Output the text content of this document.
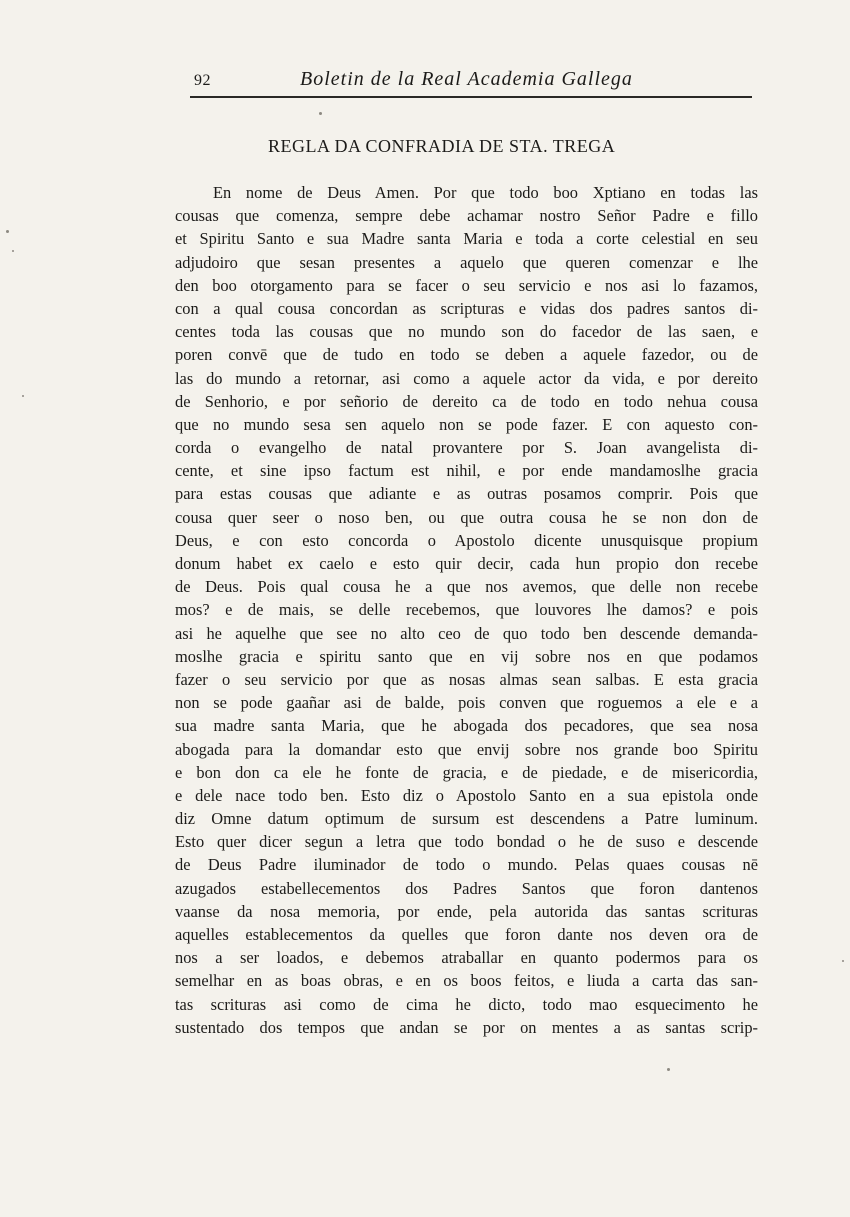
92	Boletin de la Real Academia Gallega
REGLA DA CONFRADIA DE STA. TREGA
En nome de Deus Amen. Por que todo boo Xptiano en todas las
cousas que comenza, sempre debe achamar nostro Señor Padre e fillo
et Spiritu Santo e sua Madre santa Maria e toda a corte celestial en seu
adjudoiro que sesan presentes a aquelo que queren comenzar e lhe
den boo otorgamento para se facer o seu servicio e nos asi lo fazamos,
con a qual cousa concordan as scripturas e vidas dos padres santos di-
centes toda las cousas que no mundo son do facedor de las saen, e
poren convē que de tudo en todo se deben a aquele fazedor, ou de
las do mundo a retornar, asi como a aquele actor da vida, e por dereito
de Senhorio, e por señorio de dereito ca de todo en todo nehua cousa
que no mundo sesa sen aquelo non se pode fazer. E con aquesto con-
corda o evangelho de natal provantere por S. Joan avangelista di-
cente, et sine ipso factum est nihil, e por ende mandamoslhe gracia
para estas cousas que adiante e as outras posamos comprir. Pois que
cousa quer seer o noso ben, ou que outra cousa he se non don de
Deus, e con esto concorda o Apostolo dicente unusquisque propium
donum habet ex caelo e esto quir decir, cada hun propio don recebe
de Deus. Pois qual cousa he a que nos avemos, que delle non recebe
mos? e de mais, se delle recebemos, que louvores lhe damos? e pois
asi he aquelhe que see no alto ceo de quo todo ben descende demanda-
moslhe gracia e spiritu santo que en vij sobre nos en que podamos
fazer o seu servicio por que as nosas almas sean salbas. E esta gracia
non se pode gaañar asi de balde, pois conven que roguemos a ele e a
sua madre santa Maria, que he abogada dos pecadores, que sea nosa
abogada para la domandar esto que envij sobre nos grande boo Spiritu
e bon don ca ele he fonte de gracia, e de piedade, e de misericordia,
e dele nace todo ben. Esto diz o Apostolo Santo en a sua epistola onde
diz Omne datum optimum de sursum est descendens a Patre luminum.
Esto quer dicer segun a letra que todo bondad o he de suso e descende
de Deus Padre iluminador de todo o mundo. Pelas quaes cousas nē
azugados estabellecementos dos Padres Santos que foron dantenos
vaanse da nosa memoria, por ende, pela autorida das santas scrituras
aquelles establecementos da quelles que foron dante nos deven ora de
nos a ser loados, e debemos atraballar en quanto podermos para os
semelhar en as boas obras, e en os boos feitos, e liuda a carta das san-
tas scrituras asi como de cima he dicto, todo mao esquecimento he
sustentado dos tempos que andan se por on mentes a as santas scrip-
